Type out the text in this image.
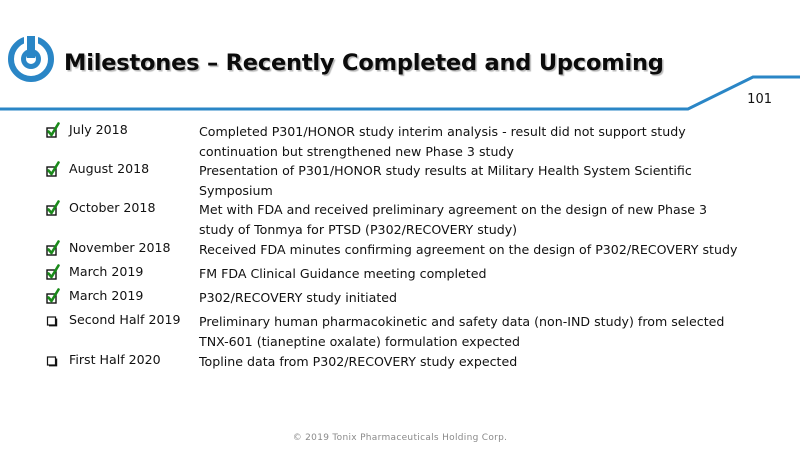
Milestones – Recently Completed and Upcoming
101
July 2018	Completed P301/HONOR study interim analysis - result did not support study continuation but strengthened new Phase 3 study
August 2018	Presentation of P301/HONOR study results at Military Health System Scientific Symposium
October 2018	Met with FDA and received preliminary agreement on the design of new Phase 3 study of Tonmya for PTSD (P302/RECOVERY study)
November 2018 Received FDA minutes confirming agreement on the design of P302/RECOVERY study
March 2019	FM FDA Clinical Guidance meeting completed
March 2019	P302/RECOVERY study initiated
Second Half 2019 Preliminary human pharmacokinetic and safety data (non-IND study) from selected TNX-601 (tianeptine oxalate) formulation expected
First Half 2020	Topline data from P302/RECOVERY study expected
© 2019 Tonix Pharmaceuticals Holding Corp.
